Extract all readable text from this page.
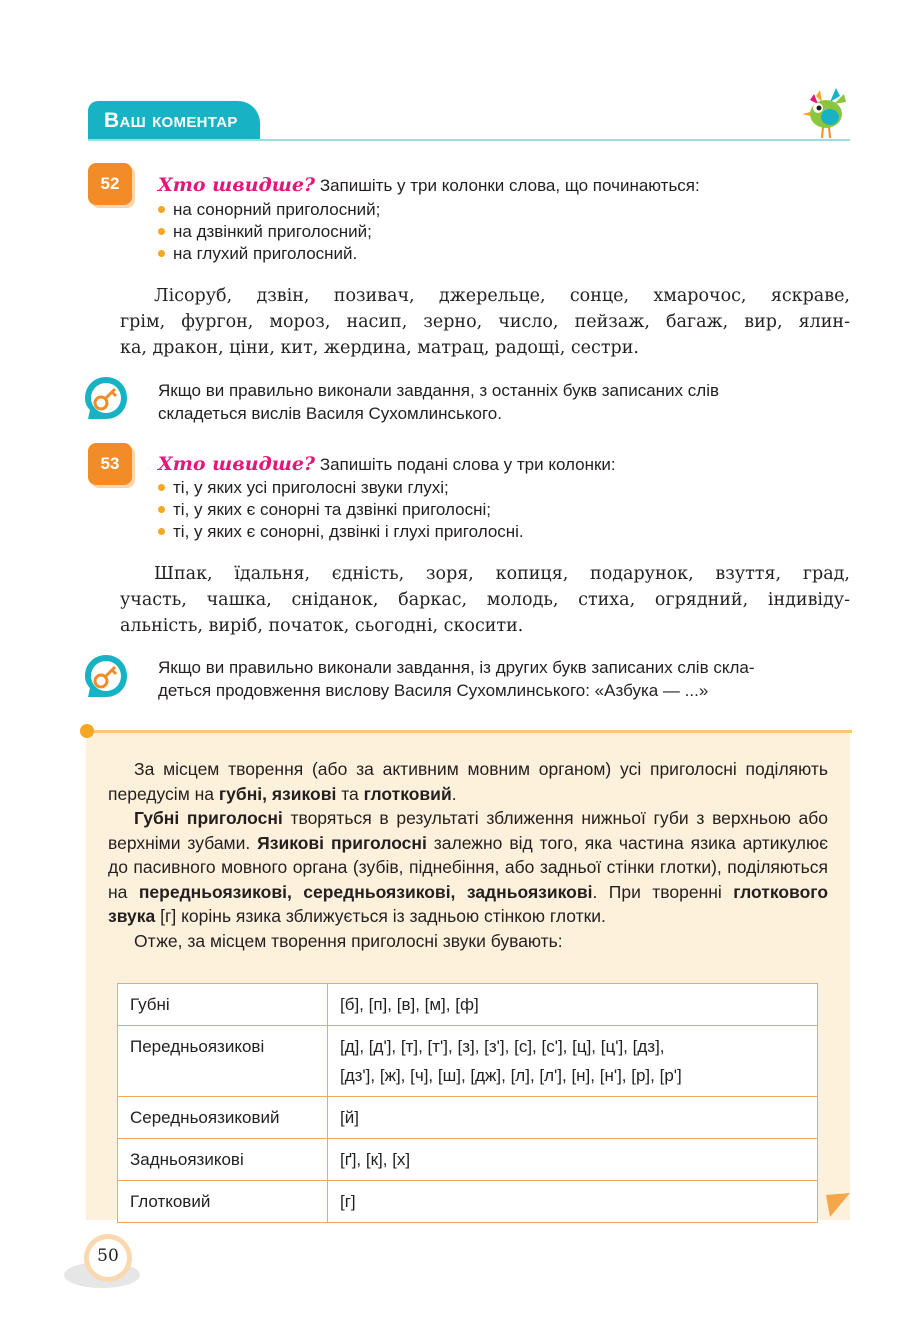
Ваш коментар
52	Хто швидше? Запишіть у три колонки слова, що починаються:
на сонорний приголосний;
на дзвінкий приголосний;
на глухий приголосний.
Лісоруб, дзвін, позивач, джерельце, сонце, хмарочос, яскраве,
грім, фургон, мороз, насип, зерно, число, пейзаж, багаж, вир, ялин-
ка, дракон, ціни, кит, жердина, матрац, радощі, сестри.
Якщо ви правильно виконали завдання, з останніх букв записаних слів
складеться вислів Василя Сухомлинського.
53	Хто швидше? Запишіть подані слова у три колонки:
ті, у яких усі приголосні звуки глухі;
ті, у яких є сонорні та дзвінкі приголосні;
ті, у яких є сонорні, дзвінкі і глухі приголосні.
Шпак, їдальня, єдність, зоря, копиця, подарунок, взуття, град,
участь, чашка, сніданок, баркас, молодь, стиха, огрядний, індивіду-
альність, виріб, початок, сьогодні, скосити.
Якщо ви правильно виконали завдання, із других букв записаних слів скла-
деться продовження вислову Василя Сухомлинського: «Азбука — ...»

За місцем творення (або за активним мовним органом) усі приголосні поділяють передусім на губні, язикові та глотковий.

Губні приголосні творяться в результаті зближення нижньої губи з верхньою або верхніми зубами. Язикові приголосні залежно від того, яка частина язика артикулює до пасивного мовного органа (зубів, піднебіння, або задньої стінки глотки), поділяються на передньоязикові, середньоязикові, задньоязикові. При творенні глоткового звука [г] корінь язика зближується із задньою стінкою глотки.

Отже, за місцем творення приголосні звуки бувають:

Губні	[б], [п], [в], [м], [ф]
Передньоязикові	[д], [д'], [т], [т'], [з], [з'], [с], [с'], [ц], [ц'], [дз],
[дз'], [ж], [ч], [ш], [дж], [л], [л'], [н], [н'], [р], [р']

Середньоязиковий	[й]
Задньоязикові	[ґ], [к], [х]
Глотковий	[г]
50
